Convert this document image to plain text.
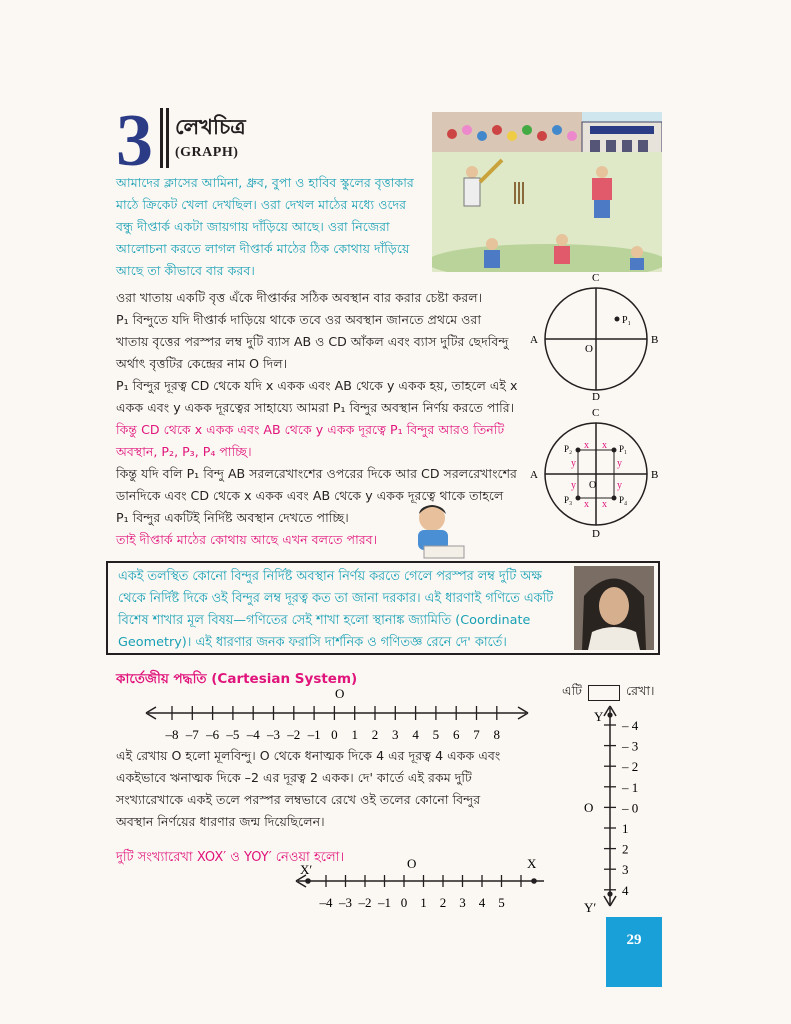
3 লেখচিত্র
(GRAPH)
আমাদের ক্লাসের আমিনা, ধ্রুব, বুপা ও হাবিব স্কুলের বৃত্তাকার
মাঠে ক্রিকেট খেলা দেখছিল। ওরা দেখল মাঠের মধ্যে ওদের
বন্ধু দীপ্তার্ক একটা জায়গায় দাঁড়িয়ে আছে। ওরা নিজেরা
আলোচনা করতে লাগল দীপ্তার্ক মাঠের ঠিক কোথায় দাঁড়িয়ে
আছে তা কীভাবে বার করব।
ওরা খাতায় একটি বৃত্ত এঁকে দীপ্তার্কর সঠিক অবস্থান বার করার চেষ্টা করল।
P₁ বিন্দুতে যদি দীপ্তার্ক দাড়িয়ে থাকে তবে ওর অবস্থান জানতে প্রথমে ওরা
খাতায় বৃত্তের পরস্পর লম্ব দুটি ব্যাস AB ও CD আঁকল এবং ব্যাস দুটির ছেদবিন্দু
অর্থাৎ বৃত্তটির কেন্দ্রের নাম O দিল।
P₁ বিন্দুর দূরত্ব CD থেকে যদি x একক এবং AB থেকে y একক হয়, তাহলে এই x
একক এবং y একক দূরত্বের সাহায্যে আমরা P₁ বিন্দুর অবস্থান নির্ণয় করতে পারি।
কিন্তু CD থেকে x একক এবং AB থেকে y একক দূরত্বে P₁ বিন্দুর আরও তিনটি
অবস্থান, P₂, P₃, P₄ পাচ্ছি।
কিন্তু যদি বলি P₁ বিন্দু AB সরলরেখাংশের ওপরের দিকে আর CD সরলরেখাংশের
ডানদিকে এবং CD থেকে x একক এবং AB থেকে y একক দূরত্বে থাকে তাহলে
P₁ বিন্দুর একটিই নির্দিষ্ট অবস্থান দেখতে পাচ্ছি।
তাই দীপ্তার্ক মাঠের কোথায় আছে এখন বলতে পারব।
C
D
A	B
O
P₁
x x
x x
y	y
y	y
C
D
A	B
O
P₂	P₁
P₃	P₄
একই তলস্থিত কোনো বিন্দুর নির্দিষ্ট অবস্থান নির্ণয় করতে গেলে পরস্পর লম্ব দুটি অক্ষ
থেকে নির্দিষ্ট দিকে ওই বিন্দুর লম্ব দূরত্ব কত তা জানা দরকার। এই ধারণাই গণিতে একটি
বিশেষ শাখার মূল বিষয়—গণিতের সেই শাখা হলো স্থানাঙ্ক জ্যামিতি (Coordinate
Geometry)। এই ধারণার জনক ফরাসি দার্শনিক ও গণিতজ্ঞ রেনে দে' কার্তে।
কার্তেজীয় পদ্ধতি (Cartesian System)
এটি	রেখা।
–8 –7 –6 –5 –4 –3 –2 –1 0 1 2 3 4 5 6 7 8
O
এই রেখায় O হলো মূলবিন্দু। O থেকে ধনাত্মক দিকে 4 এর দূরত্ব 4 একক এবং
একইভাবে ঋনাত্মক দিকে –2 এর দূরত্ব 2 একক। দে' কার্তে এই রকম দুটি
সংখ্যারেখাকে একই তলে পরস্পর লম্বভাবে রেখে ওই তলের কোনো বিন্দুর
অবস্থান নির্ণয়ের ধারণার জন্ম দিয়েছিলেন।
দুটি সংখ্যারেখা XOX′ ও YOY′ নেওয়া হলো।
–4 –3 –2 –1 0 1 2 3 4 5
O
X′	X
– 4
– 3
– 2
– 1
– 0
1
2
3
4
Y
Y′
O
29
